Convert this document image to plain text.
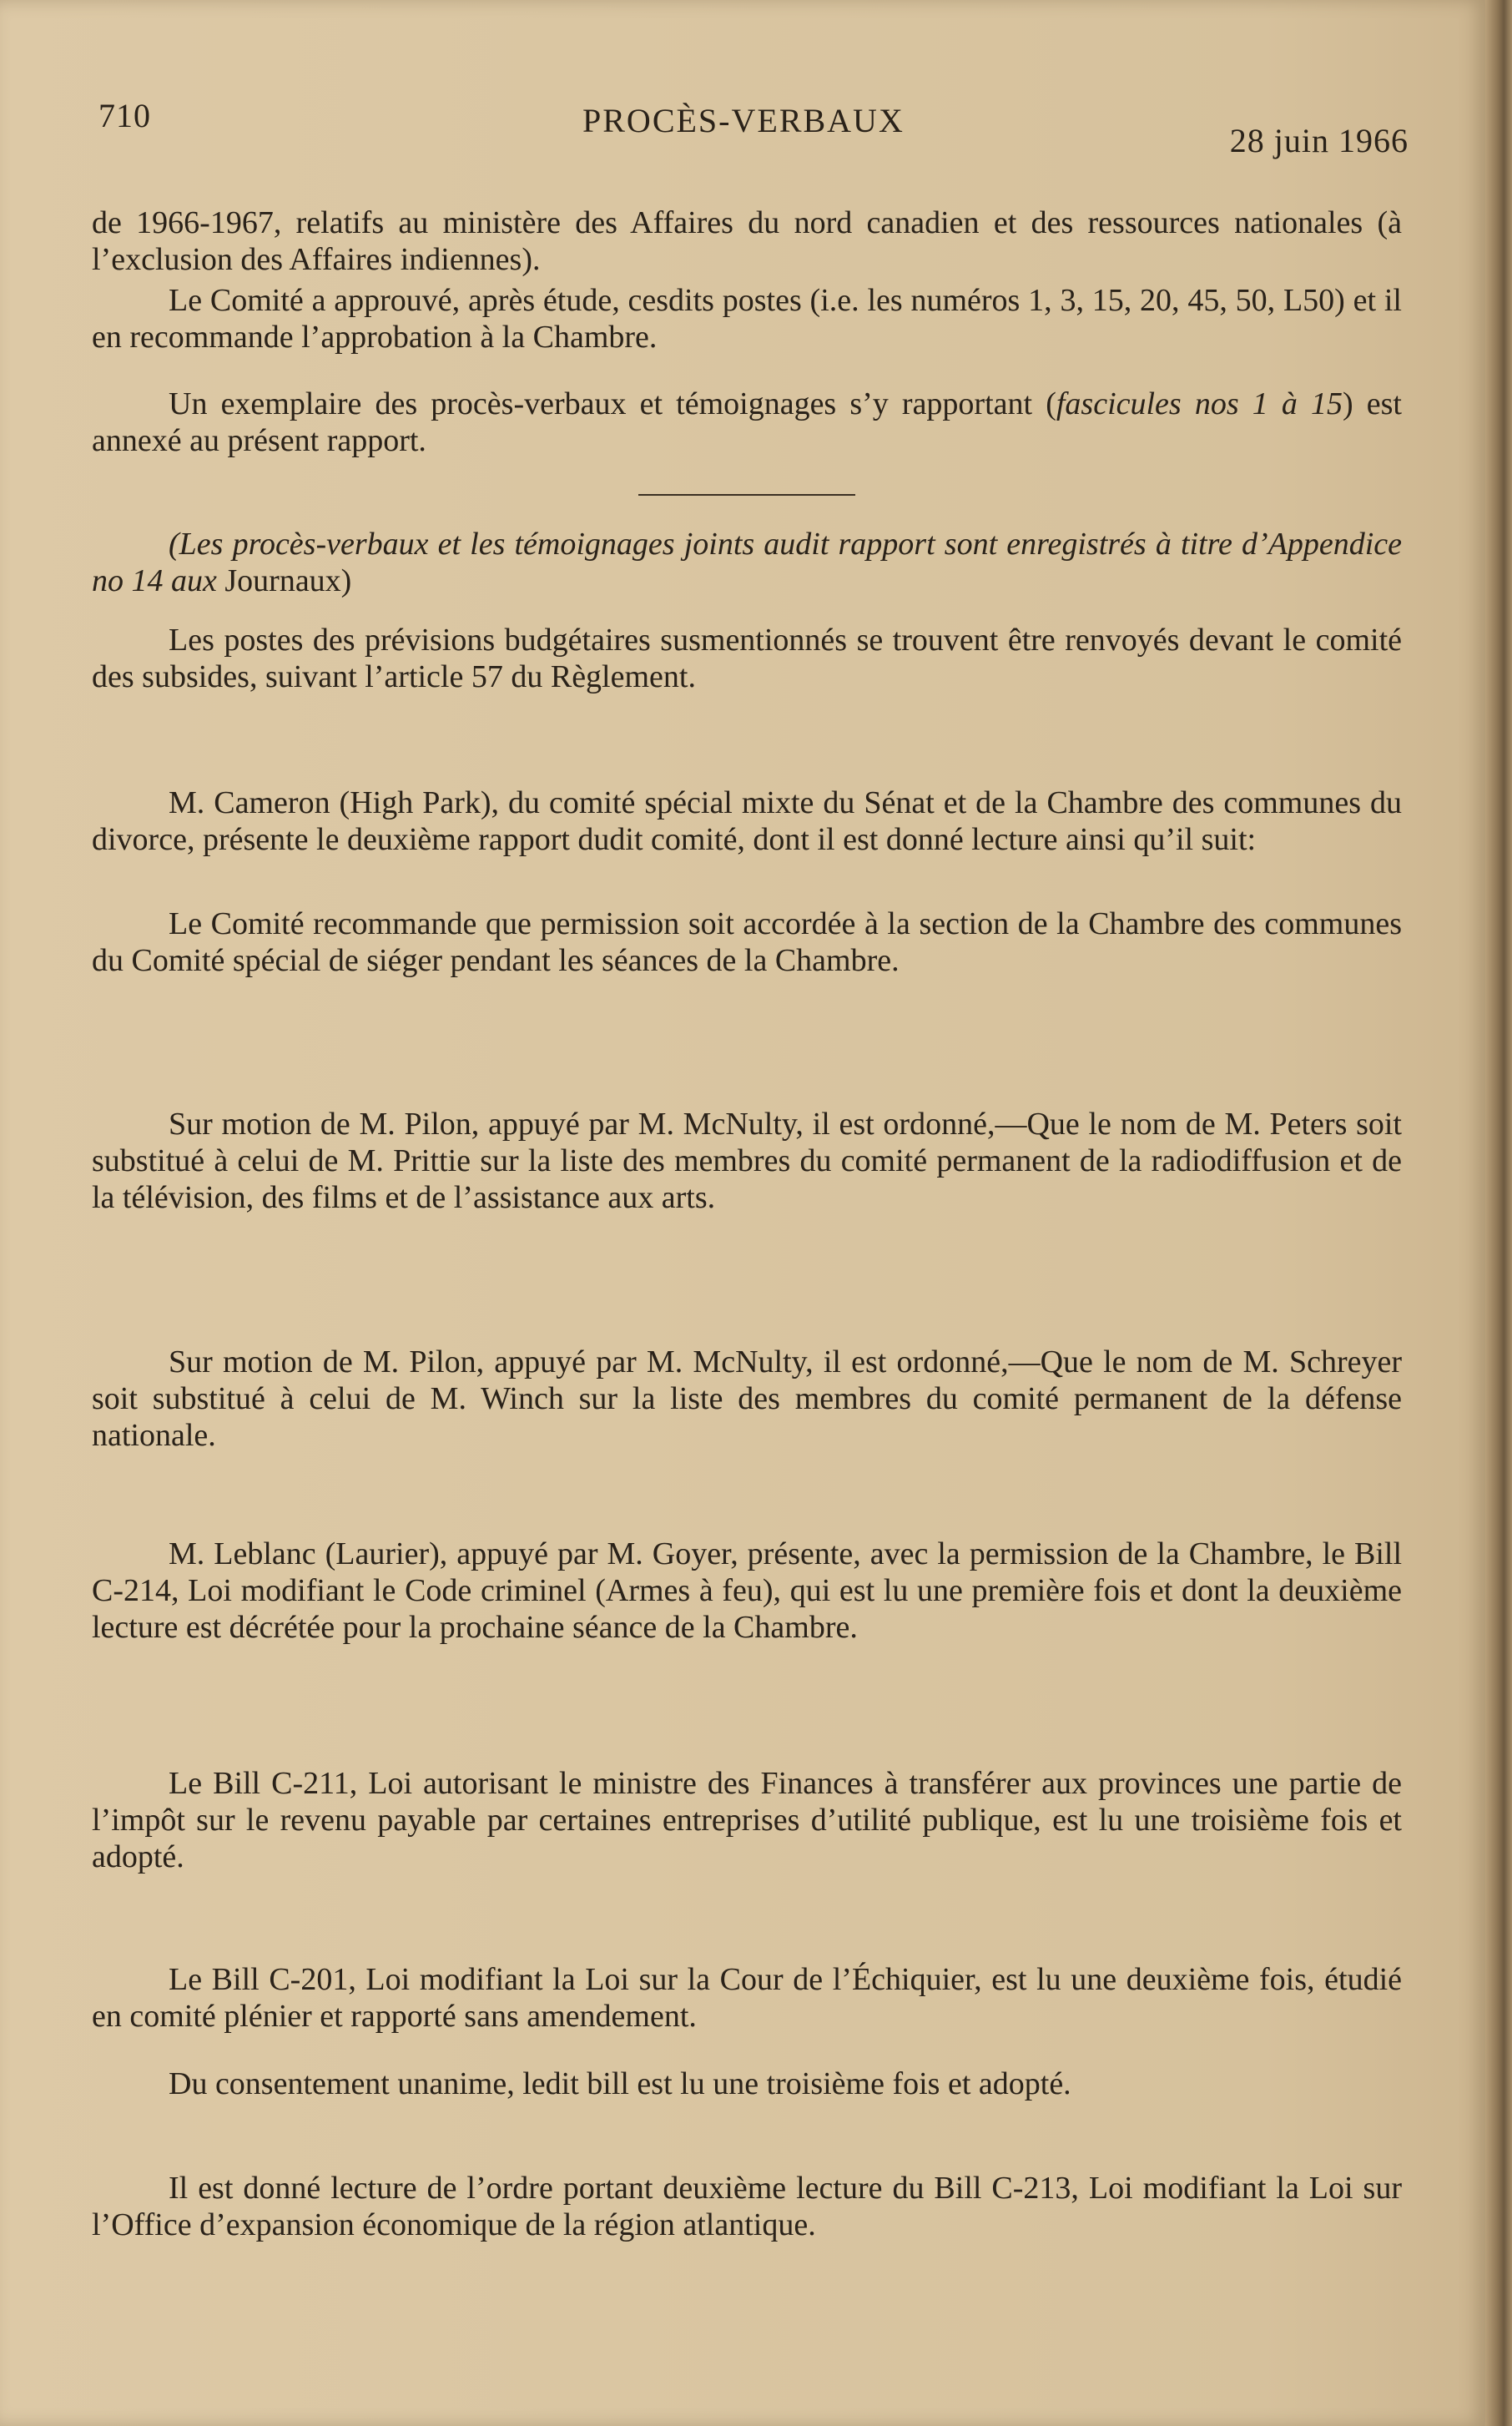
710	PROCÈS-VERBAUX
28 juin 1966

de 1966-1967, relatifs au ministère des Affaires du nord canadien et des ressources nationales (à l’exclusion des Affaires indiennes).

Le Comité a approuvé, après étude, cesdits postes (i.e. les numéros 1, 3, 15, 20, 45, 50, L50) et il en recommande l’approbation à la Chambre.

Un exemplaire des procès-verbaux et témoignages s’y rapportant (fascicules nos 1 à 15) est annexé au présent rapport.

(Les procès-verbaux et les témoignages joints audit rapport sont enregistrés à titre d’Appendice no 14 aux Journaux)

Les postes des prévisions budgétaires susmentionnés se trouvent être renvoyés devant le comité des subsides, suivant l’article 57 du Règlement.

M. Cameron (High Park), du comité spécial mixte du Sénat et de la Chambre des communes du divorce, présente le deuxième rapport dudit comité, dont il est donné lecture ainsi qu’il suit:

Le Comité recommande que permission soit accordée à la section de la Chambre des communes du Comité spécial de siéger pendant les séances de la Chambre.

Sur motion de M. Pilon, appuyé par M. McNulty, il est ordonné,—Que le nom de M. Peters soit substitué à celui de M. Prittie sur la liste des membres du comité permanent de la radiodiffusion et de la télévision, des films et de l’assistance aux arts.

Sur motion de M. Pilon, appuyé par M. McNulty, il est ordonné,—Que le nom de M. Schreyer soit substitué à celui de M. Winch sur la liste des membres du comité permanent de la défense nationale.

M. Leblanc (Laurier), appuyé par M. Goyer, présente, avec la permission de la Chambre, le Bill C-214, Loi modifiant le Code criminel (Armes à feu), qui est lu une première fois et dont la deuxième lecture est décrétée pour la prochaine séance de la Chambre.

Le Bill C-211, Loi autorisant le ministre des Finances à transférer aux provinces une partie de l’impôt sur le revenu payable par certaines entreprises d’utilité publique, est lu une troisième fois et adopté.

Le Bill C-201, Loi modifiant la Loi sur la Cour de l’Échiquier, est lu une deuxième fois, étudié en comité plénier et rapporté sans amendement.

Du consentement unanime, ledit bill est lu une troisième fois et adopté.

Il est donné lecture de l’ordre portant deuxième lecture du Bill C-213, Loi modifiant la Loi sur l’Office d’expansion économique de la région atlantique.
